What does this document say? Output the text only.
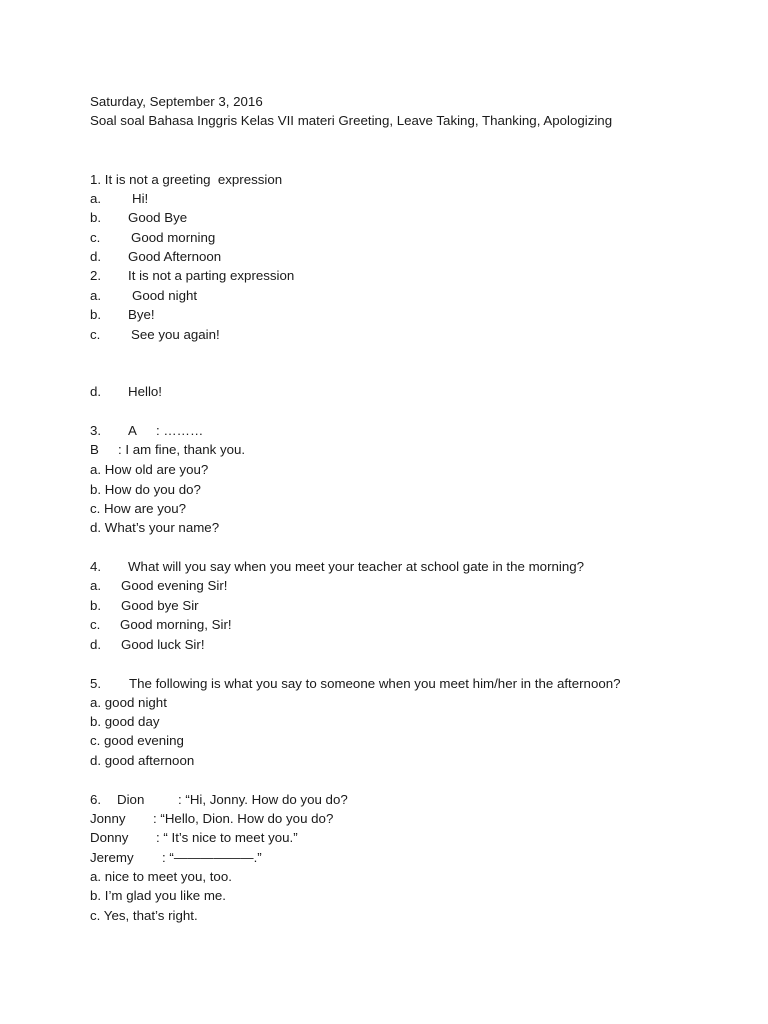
Saturday, September 3, 2016
Soal soal Bahasa Inggris Kelas VII materi Greeting, Leave Taking, Thanking, Apologizing
1. It is not a greeting  expression
a. Hi!
b. Good Bye
c. Good morning
d. Good Afternoon
2. It is not a parting expression
a. Good night
b. Bye!
c. See you again!
d. Hello!
3. A : ………
B : I am fine, thank you.
a. How old are you?
b. How do you do?
c. How are you?
d. What’s your name?
4. What will you say when you meet your teacher at school gate in the morning?
a. Good evening Sir!
b. Good bye Sir
c. Good morning, Sir!
d. Good luck Sir!
5. The following is what you say to someone when you meet him/her in the afternoon?
a. good night
b. good day
c. good evening
d. good afternoon
6. Dion	: “Hi, Jonny. How do you do?
Jonny : “Hello, Dion. How do you do?
Donny : “ It’s nice to meet you.”
Jeremy : “——————.”
a. nice to meet you, too.
b. I’m glad you like me.
c. Yes, that’s right.
